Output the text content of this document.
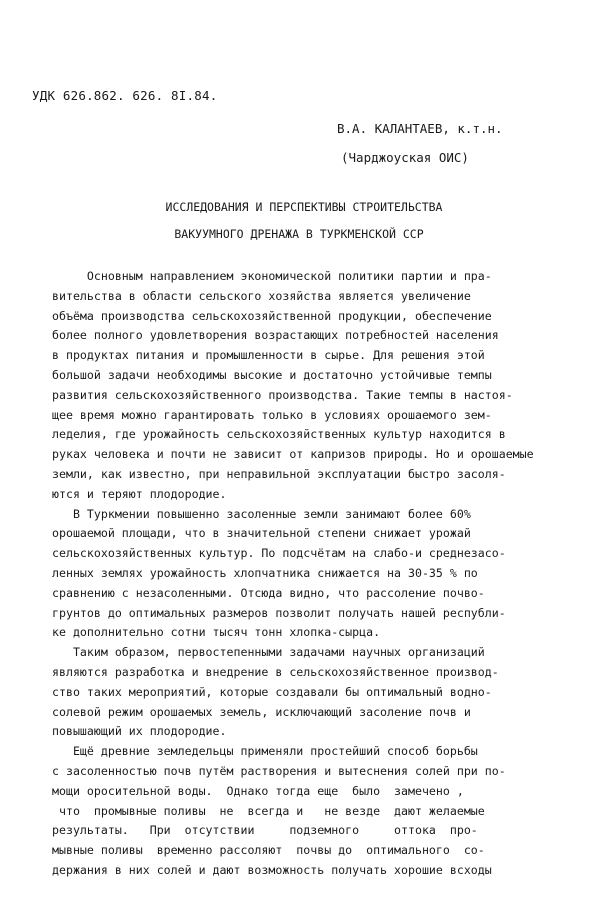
УДК 626.862. 626. 8I.84.
В.А. КАЛАНТАЕВ, к.т.н.
(Чарджоуская ОИС)
ИССЛЕДОВАНИЯ И ПЕРСПЕКТИВЫ СТРОИТЕЛЬСТВА
ВАКУУМНОГО ДРЕНАЖА В ТУРКМЕНСКОЙ ССР
Основным направлением экономической политики партии и пра-
вительства в области сельского хозяйства является увеличение
объёма производства сельскохозяйственной продукции, обеспечение
более полного удовлетворения возрастающих потребностей населения
в продуктах питания и промышленности в сырье. Для решения этой
большой задачи необходимы высокие и достаточно устойчивые темпы
развития сельскохозяйственного производства. Такие темпы в настоя-
щее время можно гарантировать только в условиях орошаемого зем-
леделия, где урожайность сельскохозяйственных культур находится в
руках человека и почти не зависит от капризов природы. Но и орошаемые
земли, как известно, при неправильной эксплуатации быстро засоля-
ются и теряют плодородие.
В Туркмении повышенно засоленные земли занимают более 60%
орошаемой площади, что в значительной степени снижает урожай
сельскохозяйственных культур. По подсчётам на слабо-и среднезасо-
ленных землях урожайность хлопчатника снижается на 30-35 % по
сравнению с незасоленными. Отсюда видно, что рассоление почво-
грунтов до оптимальных размеров позволит получать нашей республи-
ке дополнительно сотни тысяч тонн хлопка-сырца.
Таким образом, первостепенными задачами научных организаций
являются разработка и внедрение в сельскохозяйственное производ-
ство таких мероприятий, которые создавали бы оптимальный водно-
солевой режим орошаемых земель, исключающий засоление почв и
повышающий их плодородие.
Ещё древние земледельцы применяли простейший способ борьбы
с засоленностью почв путём растворения и вытеснения солей при по-
мощи оросительной воды.  Однако тогда еще  было  замечено ,
что  промывные поливы  не  всегда и   не везде  дают желаемые
результаты.   При  отсутствии     подземного     оттока  про-
мывные поливы  временно рассоляют  почвы до  оптимального  со-
держания в них солей и дают возможность получать хорошие всходы
